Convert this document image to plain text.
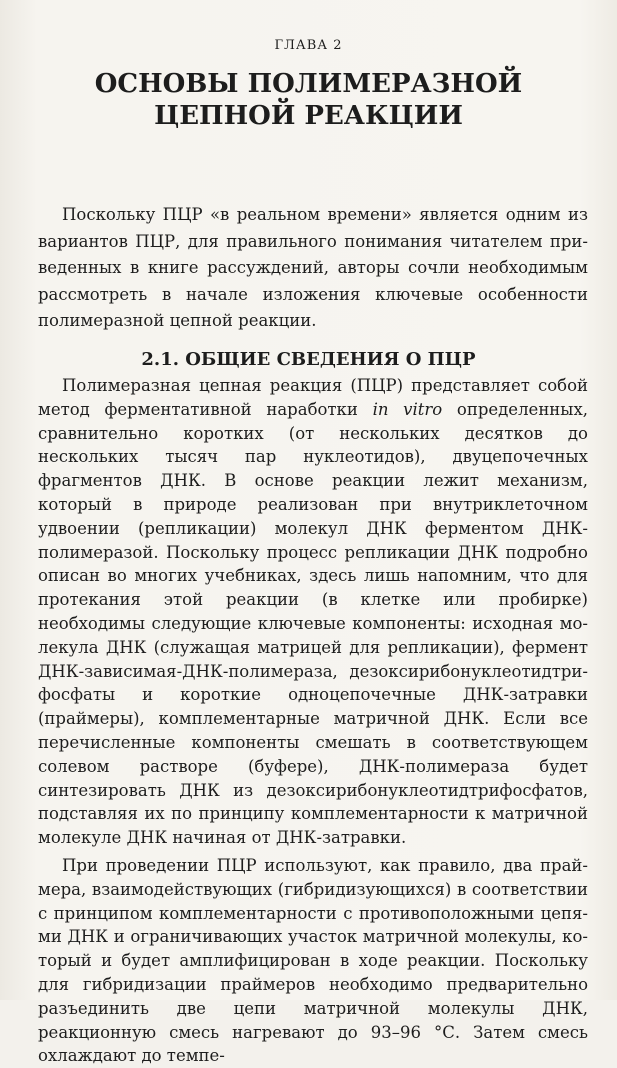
ГЛАВА 2
ОСНОВЫ ПОЛИМЕРАЗНОЙ ЦЕПНОЙ РЕАКЦИИ

Поскольку ПЦР «в реальном времени» является одним из вариантов ПЦР, для правильного понимания читателем приведенных в книге рассуждений, авторы сочли необходимым рассмотреть в начале изложения ключевые особенности полимеразной цепной реакции.

2.1. ОБЩИЕ СВЕДЕНИЯ О ПЦР

Полимеразная цепная реакция (ПЦР) представляет собой метод ферментативной наработки in vitro определенных, сравнительно коротких (от нескольких десятков до нескольких тысяч пар нуклеотидов), двуцепочечных фрагментов ДНК. В основе реакции лежит механизм, который в природе реализован при внутриклеточном удвоении (репликации) молекул ДНК ферментом ДНК-полимеразой. Поскольку процесс репликации ДНК подробно описан во многих учебниках, здесь лишь напомним, что для протекания этой реакции (в клетке или пробирке) необходимы следующие ключевые компоненты: исходная молекула ДНК (служащая матрицей для репликации), фермент ДНК-зависимая-ДНК-полимераза, дезоксирибонуклеотидтрифосфаты и короткие одноцепочечные ДНК-затравки (праймеры), комплементарные матричной ДНК. Если все перечисленные компоненты смешать в соответствующем солевом растворе (буфере), ДНК-полимераза будет синтезировать ДНК из дезоксирибонуклеотидтрифосфатов, подставляя их по принципу комплементарности к матричной молекуле ДНК начиная от ДНК-затравки.

При проведении ПЦР используют, как правило, два праймера, взаимодействующих (гибридизующихся) в соответствии с принципом комплементарности с противоположными цепями ДНК и ограничивающих участок матричной молекулы, который и будет амплифицирован в ходе реакции. Поскольку для гибридизации праймеров необходимо предварительно разъединить две цепи матричной молекулы ДНК, реакционную смесь нагревают до 93–96 °С. Затем смесь охлаждают до темпе-
